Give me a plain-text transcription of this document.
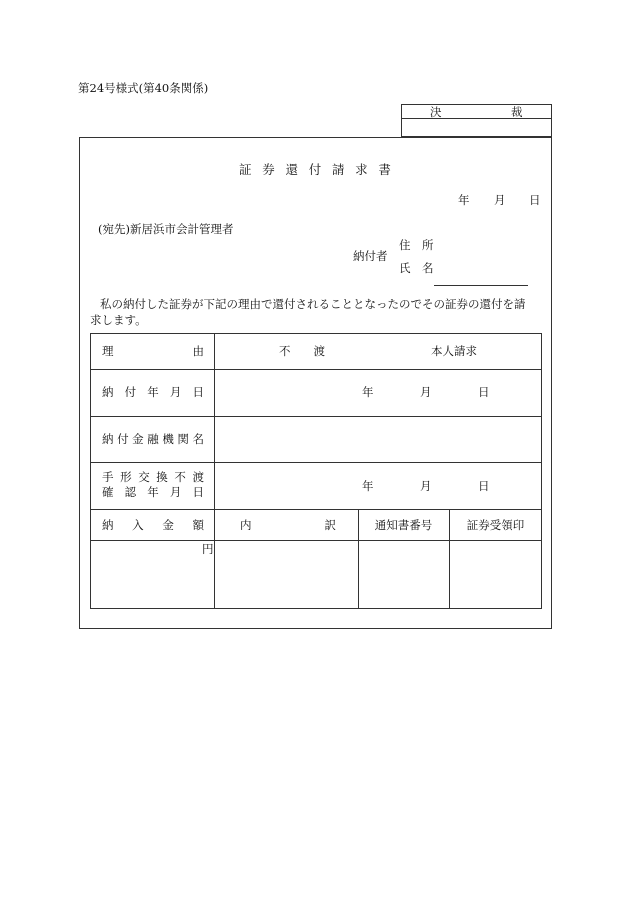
第24号様式(第40条関係)
決	裁
証 券 還 付 請 求 書
年 月 日
(宛先)新居浜市会計管理者
納付者
住　所
氏　名
私の納付した証券が下記の理由で還付されることとなったのでその証券の還付を請
求します。
理	由	不　　渡	本人請求
納 付 年 月 日	年	月	日
納 付 金 融 機 関 名
手 形 交 換 不 渡
確 認 年 月 日	年	月	日
納 入 金 額	内	訳	通知書番号	証券受領印
円
